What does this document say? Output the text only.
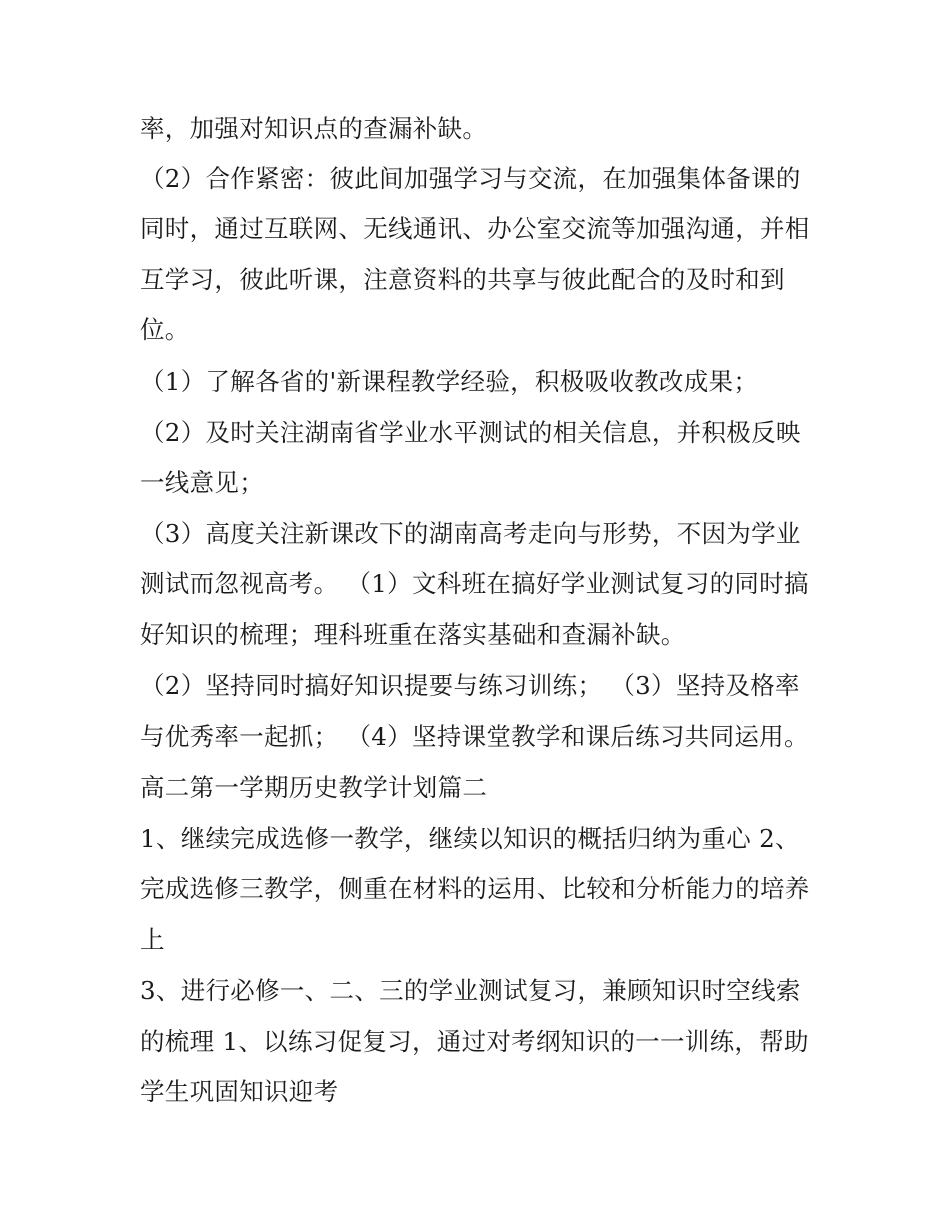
率，加强对知识点的查漏补缺。
（2）合作紧密：彼此间加强学习与交流，在加强集体备课的
同时，通过互联网、无线通讯、办公室交流等加强沟通，并相
互学习，彼此听课，注意资料的共享与彼此配合的及时和到
位。
（1）了解各省的'新课程教学经验，积极吸收教改成果；
（2）及时关注湖南省学业水平测试的相关信息，并积极反映
一线意见；
（3）高度关注新课改下的湖南高考走向与形势，不因为学业
测试而忽视高考。 （1）文科班在搞好学业测试复习的同时搞
好知识的梳理；理科班重在落实基础和查漏补缺。
（2）坚持同时搞好知识提要与练习训练； （3）坚持及格率
与优秀率一起抓； （4）坚持课堂教学和课后练习共同运用。
高二第一学期历史教学计划篇二
1、继续完成选修一教学，继续以知识的概括归纳为重心 2、
完成选修三教学，侧重在材料的运用、比较和分析能力的培养
上
3、进行必修一、二、三的学业测试复习，兼顾知识时空线索
的梳理 1、以练习促复习，通过对考纲知识的一一训练，帮助
学生巩固知识迎考
